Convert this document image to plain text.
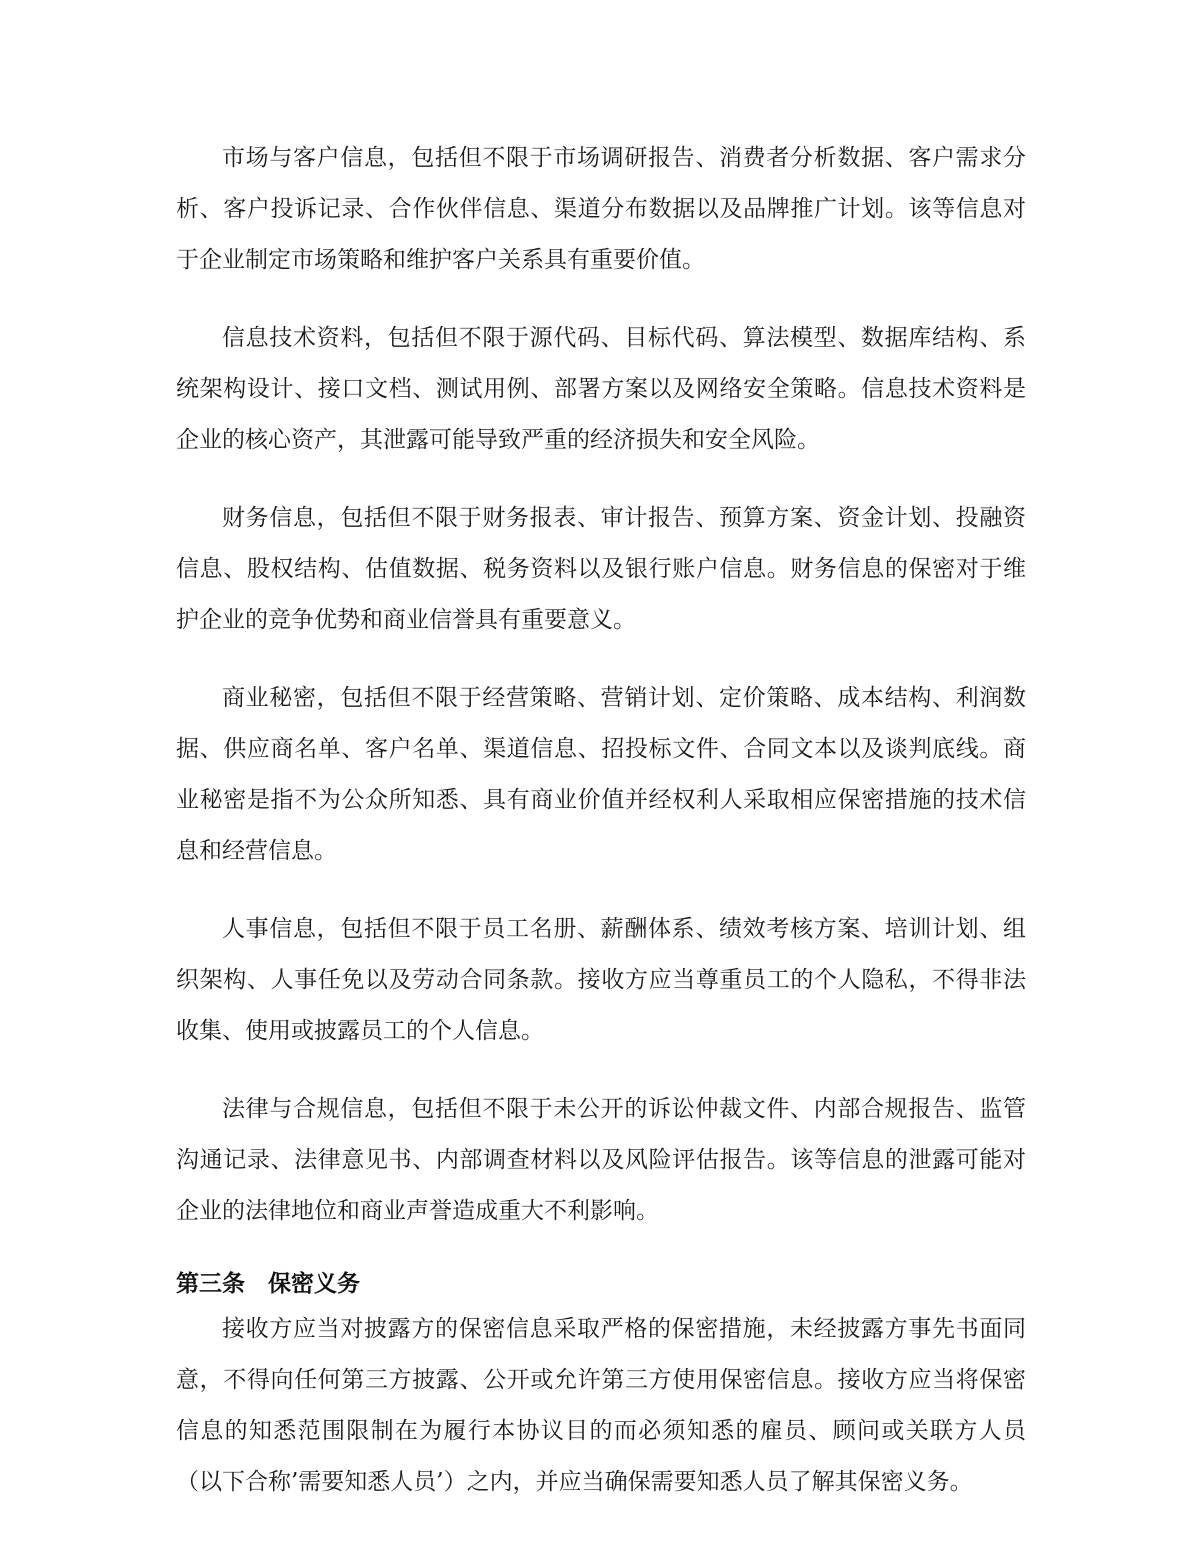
市场与客户信息，包括但不限于市场调研报告、消费者分析数据、客户需求分析、客户投诉记录、合作伙伴信息、渠道分布数据以及品牌推广计划。该等信息对于企业制定市场策略和维护客户关系具有重要价值。

信息技术资料，包括但不限于源代码、目标代码、算法模型、数据库结构、系统架构设计、接口文档、测试用例、部署方案以及网络安全策略。信息技术资料是企业的核心资产，其泄露可能导致严重的经济损失和安全风险。

财务信息，包括但不限于财务报表、审计报告、预算方案、资金计划、投融资信息、股权结构、估值数据、税务资料以及银行账户信息。财务信息的保密对于维护企业的竞争优势和商业信誉具有重要意义。

商业秘密，包括但不限于经营策略、营销计划、定价策略、成本结构、利润数据、供应商名单、客户名单、渠道信息、招投标文件、合同文本以及谈判底线。商业秘密是指不为公众所知悉、具有商业价值并经权利人采取相应保密措施的技术信息和经营信息。

人事信息，包括但不限于员工名册、薪酬体系、绩效考核方案、培训计划、组织架构、人事任免以及劳动合同条款。接收方应当尊重员工的个人隐私，不得非法收集、使用或披露员工的个人信息。

法律与合规信息，包括但不限于未公开的诉讼仲裁文件、内部合规报告、监管沟通记录、法律意见书、内部调查材料以及风险评估报告。该等信息的泄露可能对企业的法律地位和商业声誉造成重大不利影响。

第三条 保密义务

接收方应当对披露方的保密信息采取严格的保密措施，未经披露方事先书面同意，不得向任何第三方披露、公开或允许第三方使用保密信息。接收方应当将保密信息的知悉范围限制在为履行本协议目的而必须知悉的雇员、顾问或关联方人员（以下合称’需要知悉人员’）之内，并应当确保需要知悉人员了解其保密义务。
